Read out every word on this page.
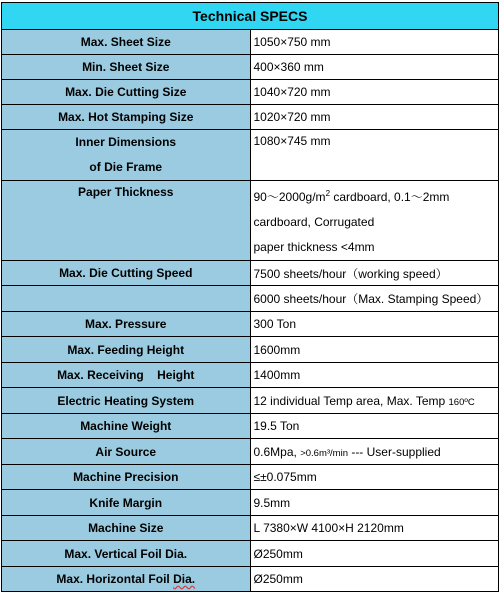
Technical SPECS	
Max. Sheet Size	1050×750 mm
Min. Sheet Size	400×360 mm
Max. Die Cutting Size	1040×720 mm
Max. Hot Stamping Size	1020×720 mm

Inner Dimensions
of Die Frame	1080×745 mm
Paper Thickness	$90\sim 2000g/m^2$ cardboard, 0.1～2mm cardboard, Corrugated
paper thickness <4mm

Max. Die Cutting Speed	7500 sheets/hour（working speed）
	6000 sheets/hour（Max. Stamping Speed）
Max. Pressure	300 Ton
Max. Feeding Height	1600mm
Max. Receiving    Height	1400mm
Electric Heating System	12 individual Temp area, Max. Temp 160ºC
Machine Weight	19.5 Ton
Air Source	0.6Mpa, >0.6m³/min --- User-supplied
Machine Precision	≤±0.075mm
Knife Margin	9.5mm
Machine Size	L 7380×W 4100×H 2120mm
Max. Vertical Foil Dia.	Ø250mm
Max. Horizontal Foil Dia.	Ø250mm
